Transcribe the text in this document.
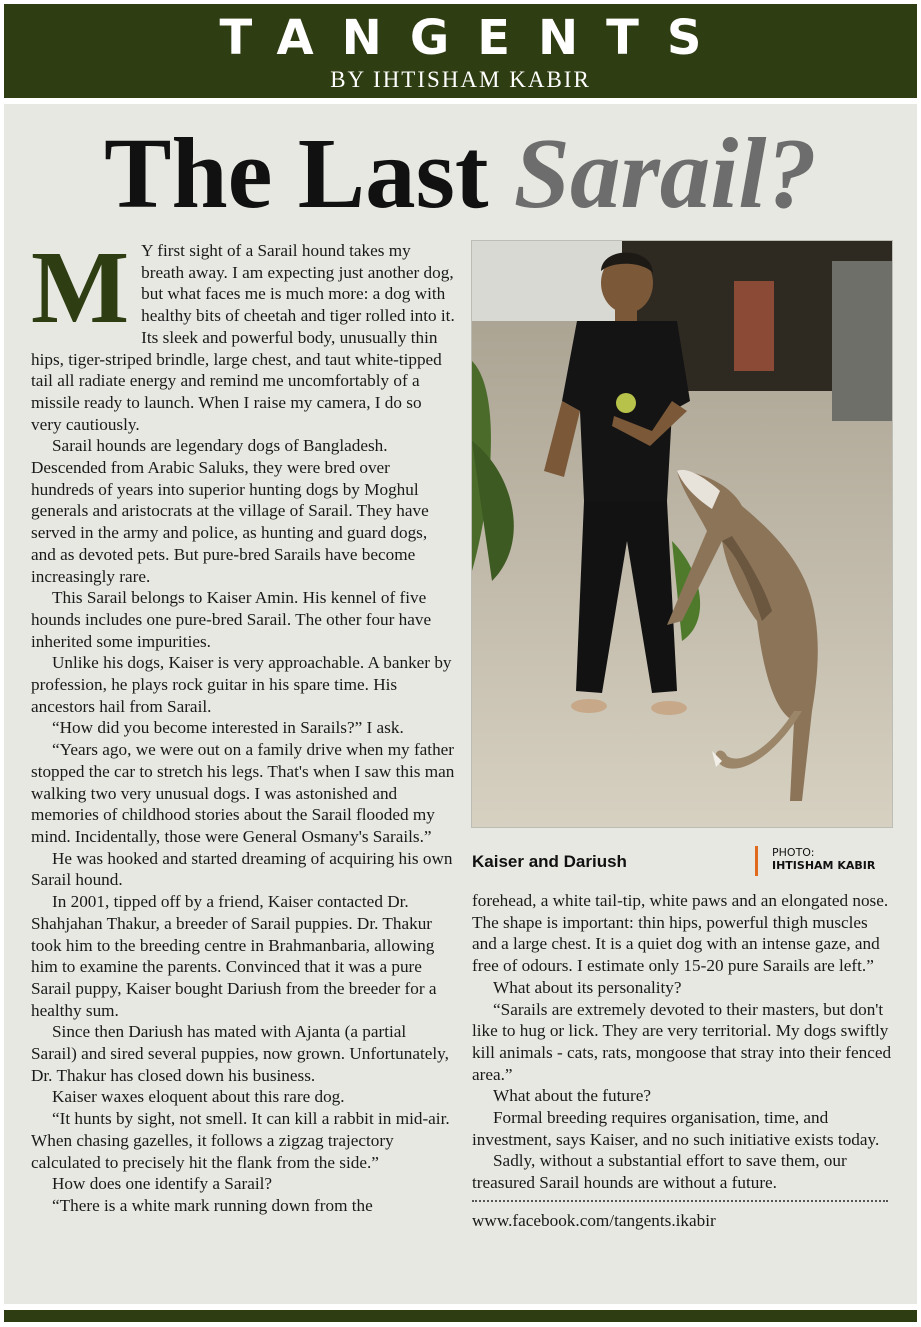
TANGENTS
BY IHTISHAM KABIR
The Last Sarail?
M Y first sight of a Sarail hound takes my breath away. I am expecting just another dog, but what faces me is much more: a dog with healthy bits of cheetah and tiger rolled into it. Its sleek and powerful body, unusually thin hips, tiger-striped brindle, large chest, and taut white-tipped tail all radiate energy and remind me uncomfortably of a missile ready to launch. When I raise my camera, I do so very cautiously.

Sarail hounds are legendary dogs of Bangladesh. Descended from Arabic Saluks, they were bred over hundreds of years into superior hunting dogs by Moghul generals and aristocrats at the village of Sarail. They have served in the army and police, as hunting and guard dogs, and as devoted pets. But pure-bred Sarails have become increasingly rare.

This Sarail belongs to Kaiser Amin. His kennel of five hounds includes one pure-bred Sarail. The other four have inherited some impurities.

Unlike his dogs, Kaiser is very approachable. A banker by profession, he plays rock guitar in his spare time. His ancestors hail from Sarail.

“How did you become interested in Sarails?” I ask.

“Years ago, we were out on a family drive when my father stopped the car to stretch his legs. That's when I saw this man walking two very unusual dogs. I was astonished and memories of childhood stories about the Sarail flooded my mind. Incidentally, those were General Osmany's Sarails.”

He was hooked and started dreaming of acquiring his own Sarail hound.

In 2001, tipped off by a friend, Kaiser contacted Dr. Shahjahan Thakur, a breeder of Sarail puppies. Dr. Thakur took him to the breeding centre in Brahmanbaria, allowing him to examine the parents. Convinced that it was a pure Sarail puppy, Kaiser bought Dariush from the breeder for a healthy sum.

Since then Dariush has mated with Ajanta (a partial Sarail) and sired several puppies, now grown. Unfortunately, Dr. Thakur has closed down his business.

Kaiser waxes eloquent about this rare dog.

“It hunts by sight, not smell. It can kill a rabbit in mid-air. When chasing gazelles, it follows a zigzag trajectory calculated to precisely hit the flank from the side.”

How does one identify a Sarail?

“There is a white mark running down from the

Kaiser and Dariush	PHOTO:
IHTISHAM KABIR

forehead, a white tail-tip, white paws and an elongated nose. The shape is important: thin hips, powerful thigh muscles and a large chest. It is a quiet dog with an intense gaze, and free of odours. I estimate only 15-20 pure Sarails are left.”

What about its personality?

“Sarails are extremely devoted to their masters, but don't like to hug or lick. They are very territorial. My dogs swiftly kill animals - cats, rats, mongoose that stray into their fenced area.”

What about the future?

Formal breeding requires organisation, time, and investment, says Kaiser, and no such initiative exists today.

Sadly, without a substantial effort to save them, our treasured Sarail hounds are without a future.

www.facebook.com/tangents.ikabir
